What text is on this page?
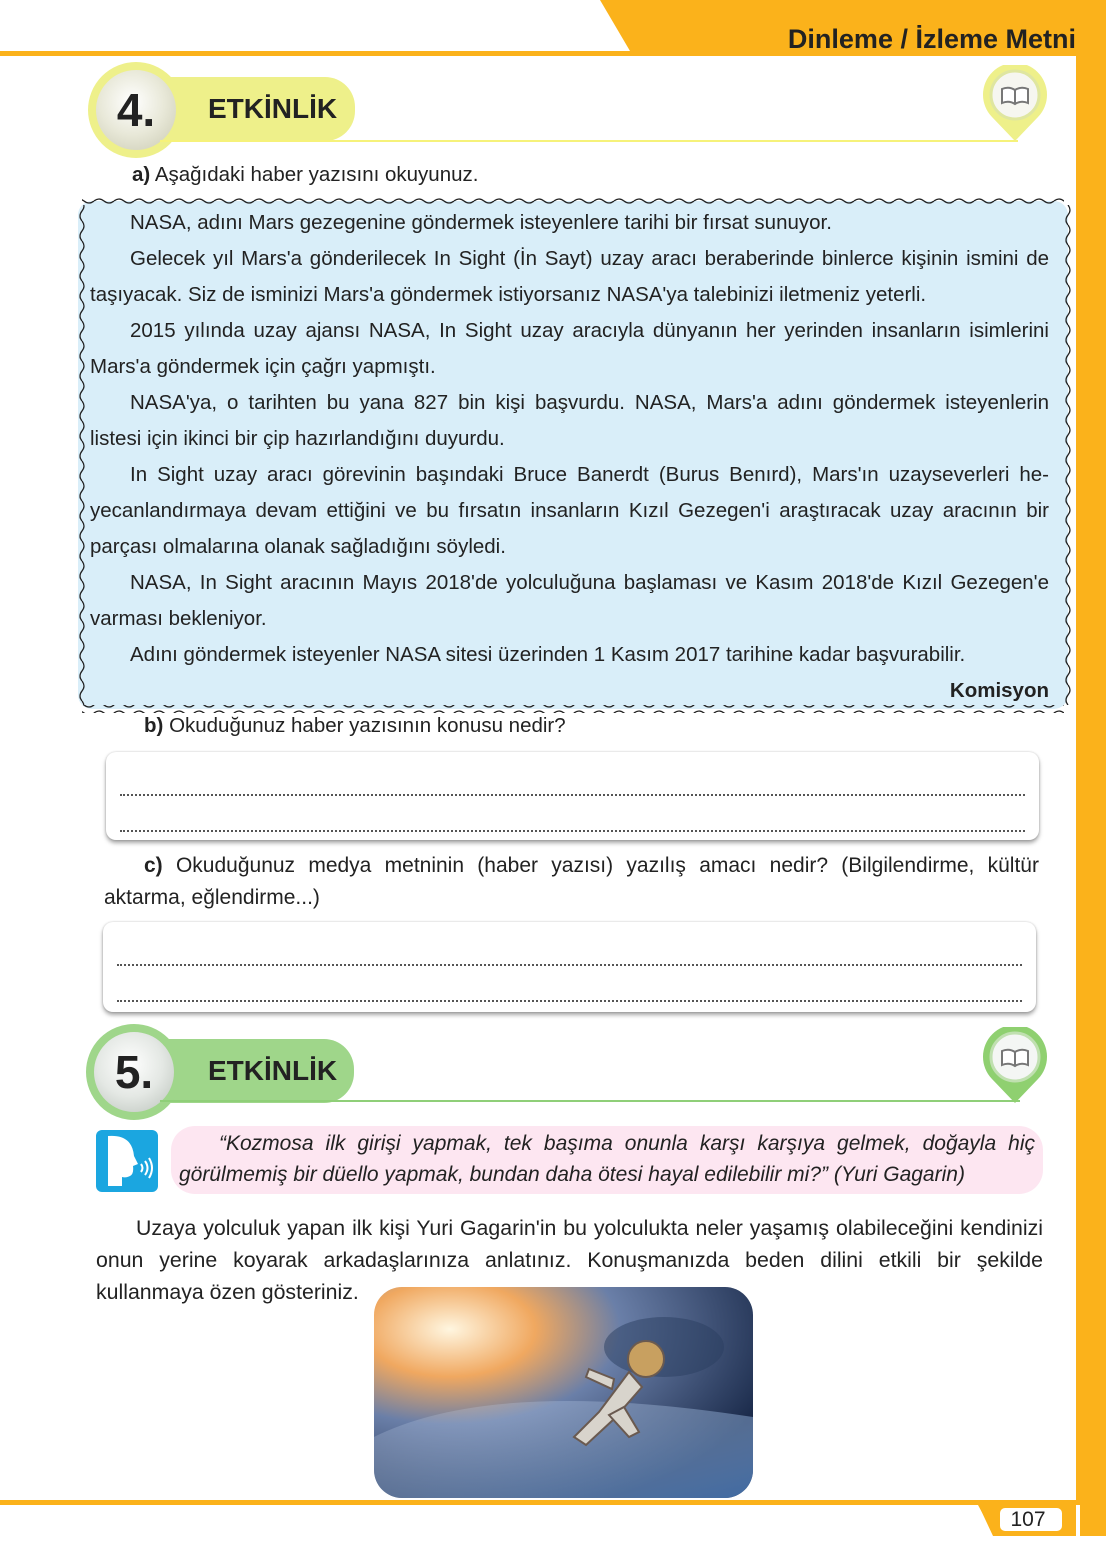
Dinleme / İzleme Metni
ETKİNLİK
4.
a) Aşağıdaki haber yazısını okuyunuz.

NASA, adını Mars gezegenine göndermek isteyenlere tarihi bir fırsat sunuyor.

Gelecek yıl Mars'a gönderilecek In Sight (İn Sayt) uzay aracı beraberinde binlerce kişinin ismini de taşıyacak. Siz de isminizi Mars'a göndermek istiyorsanız NASA'ya talebinizi iletmeniz yeterli.

2015 yılında uzay ajansı NASA, In Sight uzay aracıyla dünyanın her yerinden insanların isimlerini Mars'a göndermek için çağrı yapmıştı.

NASA'ya, o tarihten bu yana 827 bin kişi başvurdu. NASA, Mars'a adını göndermek isteyenlerin listesi için ikinci bir çip hazırlandığını duyurdu.

In Sight uzay aracı görevinin başındaki Bruce Banerdt (Burus Benırd), Mars'ın uzayseverleri heyecanlandırmaya devam ettiğini ve bu fırsatın insanların Kızıl Gezegen'i araştıracak uzay aracının bir parçası olmalarına olanak sağladığını söyledi.

NASA, In Sight aracının Mayıs 2018'de yolculuğuna başlaması ve Kasım 2018'de Kızıl Gezegen'e varması bekleniyor.

Adını göndermek isteyenler NASA sitesi üzerinden 1 Kasım 2017 tarihine kadar başvurabilir.

Komisyon

b) Okuduğunuz haber yazısının konusu nedir?
c) Okuduğunuz medya metninin (haber yazısı) yazılış amacı nedir? (Bilgilendirme, kültür aktarma, eğlendirme...)
ETKİNLİK
5.

“Kozmosa ilk girişi yapmak, tek başıma onunla karşı karşıya gelmek, doğayla hiç görülmemiş bir düello yapmak, bundan daha ötesi hayal edilebilir mi?” (Yuri Gagarin)

Uzaya yolculuk yapan ilk kişi Yuri Gagarin'in bu yolculukta neler yaşamış olabileceğini kendinizi onun yerine koyarak arkadaşlarınıza anlatınız. Konuşmanızda beden dilini etkili bir şekilde kullanmaya özen gösteriniz.

107
